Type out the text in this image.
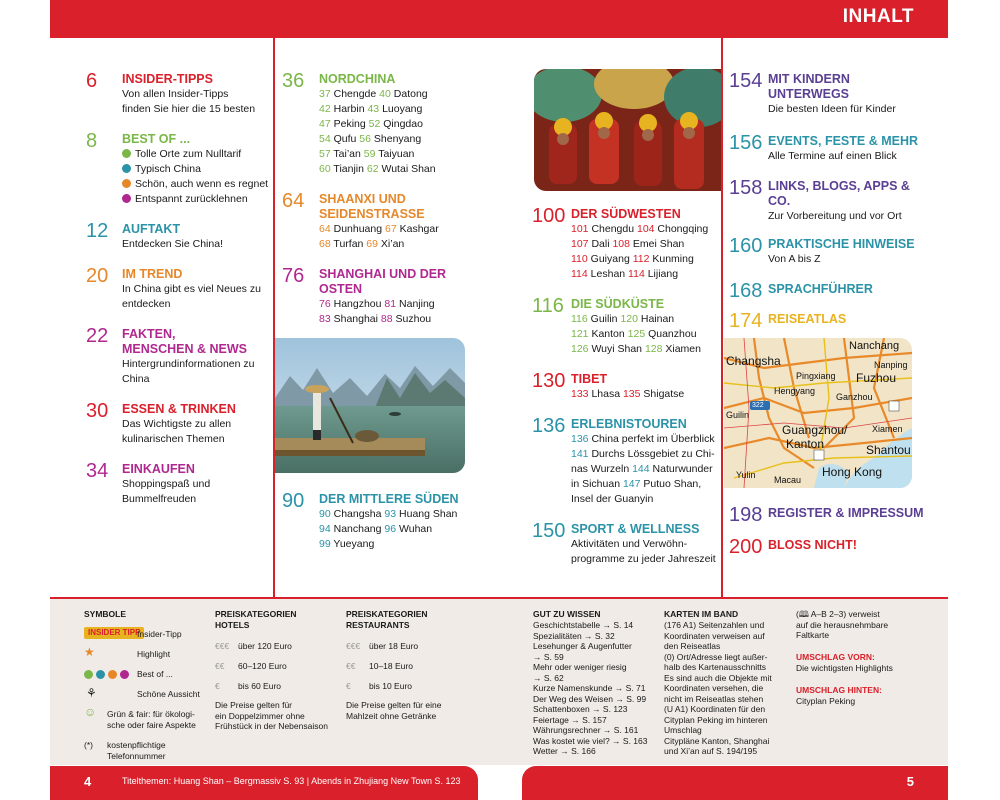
INHALT
6 INSIDER-TIPPS
Von allen Insider-Tipps
finden Sie hier die 15 besten
8 BEST OF ...
Tolle Orte zum Nulltarif
Typisch China
Schön, auch wenn es regnet
Entspannt zurücklehnen
12 AUFTAKT
Entdecken Sie China!
20 IM TREND
In China gibt es viel Neues zu
entdecken
22 FAKTEN,
MENSCHEN & NEWS
Hintergrundinformationen zu
China
30 ESSEN & TRINKEN
Das Wichtigste zu allen
kulinarischen Themen
34 EINKAUFEN
Shoppingspaß und
Bummelfreuden
36 NORDCHINA
37 Chengde 40 Datong
42 Harbin 43 Luoyang
47 Peking 52 Qingdao
54 Qufu 56 Shenyang
57 Tai’an 59 Taiyuan
60 Tianjin 62 Wutai Shan
64 SHAANXI UND
SEIDENSTRASSE
64 Dunhuang 67 Kashgar
68 Turfan 69 Xi’an
76 SHANGHAI UND DER
OSTEN
76 Hangzhou 81 Nanjing
83 Shanghai 88 Suzhou
90 DER MITTLERE SÜDEN
90 Changsha 93 Huang Shan
94 Nanchang 96 Wuhan
99 Yueyang
100 DER SÜDWESTEN
101 Chengdu 104 Chongqing
107 Dali 108 Emei Shan
110 Guiyang 112 Kunming
114 Leshan 114 Lijiang
116 DIE SÜDKÜSTE
116 Guilin 120 Hainan
121 Kanton 125 Quanzhou
126 Wuyi Shan 128 Xiamen
130 TIBET
133 Lhasa 135 Shigatse
136 ERLEBNISTOUREN
136 China perfekt im Überblick
141 Durchs Lössgebiet zu Chi-
nas Wurzeln 144 Naturwunder
in Sichuan 147 Putuo Shan,
Insel der Guanyin
150 SPORT & WELLNESS
Aktivitäten und Verwöhn-
programme zu jeder Jahreszeit
154 MIT KINDERN
UNTERWEGS
Die besten Ideen für Kinder
156 EVENTS, FESTE & MEHR
Alle Termine auf einen Blick
158 LINKS, BLOGS, APPS &
CO.
Zur Vorbereitung und vor Ort
160 PRAKTISCHE HINWEISE
Von A bis Z
168 SPRACHFÜHRER
174 REISEATLAS
198 REGISTER & IMPRESSUM
200 BLOSS NICHT!
Nanchang
Changsha	Nanping
Pingxiang Fuzhou
Hengyang
Ganzhou
Guilin
322
Guangzhou/
Kanton
Xiamen
Shantou
Yulin Macau
Hong Kong
SYMBOLE
INSIDER TIPP
Insider-Tipp
★	Highlight
Best of ...
⚘	Schöne Aussicht
☺ Grün & fair: für ökologi-
sche oder faire Aspekte
(*) kostenpflichtige
Telefonnummer
PREISKATEGORIEN
HOTELS
€€€ über 120 Euro
€€ 60–120 Euro
€ bis 60 Euro
Die Preise gelten für
ein Doppelzimmer ohne
Frühstück in der Nebensaison
PREISKATEGORIEN
RESTAURANTS
€€€ über 18 Euro
€€ 10–18 Euro
€ bis 10 Euro
Die Preise gelten für eine
Mahlzeit ohne Getränke
GUT ZU WISSEN
Geschichtstabelle → S. 14
Spezialitäten → S. 32
Lesehunger & Augenfutter
→ S. 59
Mehr oder weniger riesig
→ S. 62
Kurze Namenskunde → S. 71
Der Weg des Weisen → S. 99
Schattenboxen → S. 123
Feiertage → S. 157
Währungsrechner → S. 161
Was kostet wie viel? → S. 163
Wetter → S. 166
KARTEN IM BAND
(176 A1) Seitenzahlen und
Koordinaten verweisen auf
den Reiseatlas
(0) Ort/Adresse liegt außer-
halb des Kartenausschnitts
Es sind auch die Objekte mit
Koordinaten versehen, die
nicht im Reiseatlas stehen
(U A1) Koordinaten für den
Cityplan Peking im hinteren
Umschlag
Citypläne Kanton, Shanghai
und Xi’an auf S. 194/195
(🕮 A–B 2–3) verweist
auf die herausnehmbare
Faltkarte
UMSCHLAG VORN:
Die wichtigsten Highlights
UMSCHLAG HINTEN:
Cityplan Peking
4	Titelthemen: Huang Shan – Bergmassiv S. 93 | Abends in Zhujiang New Town S. 123	5
